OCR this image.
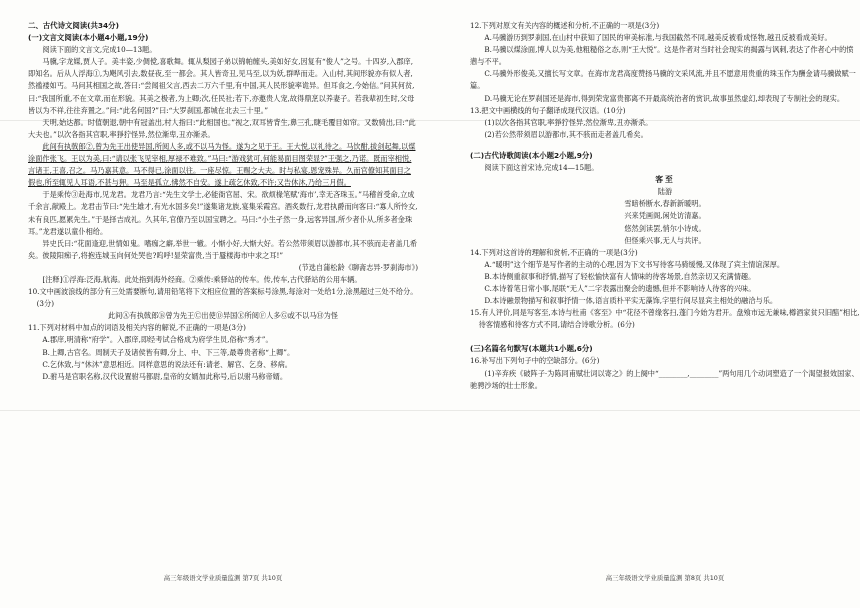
二、古代诗文阅读(共34分)

(一)文言文阅读(本小题4小题,19分)

阅读下面的文言文,完成10—13题。

马骥,字龙媒,贾人子。美丰姿,少倜傥,喜歌舞。辄从梨园子弟以锦帕缠头,美如好女,因复有“俊人”之号。十四岁,入郡庠,即知名。后从人浮海①,为飓风引去,数昼夜,至一都会。其人皆奇丑,见马至,以为妖,群哗而走。入山村,其间形貌亦有似人者,然褴褛如丐。马问其相国之故,答曰:“尝闻祖父言,西去二万六千里,有中国,其人民形貌率诡异。但耳食之,今始信。”问其何贫,曰:“我国所重,不在文章,而在形貌。其美之极者,为上卿;次,任民社;若下,亦邀贵人宠,故得鼎烹以养妻子。若我辈初生时,父母皆以为不祥,往往弃置之。”问:“此名何国?”曰:“大罗刹国,都城在北去三十里。”

天明,始达都。时值朝退,朝中有冠盖出,村人指曰:“此相国也。”视之,双耳皆背生,鼻三孔,睫毛覆目如帘。又数骑出,曰:“此大夫也。”以次各指其官职,率猙狞怪异,然位渐卑,丑亦渐杀。

此间有执戟郎②,曾为先王出使异国,所阅人多,或不以马为怪。遂为之见于王。王大悦,以礼待之。马饮酣,拔剑起舞,以煤涂面作张飞。王以为美,曰:“请以张飞见宰相,厚禄不难致。”马曰:“游戏犹可,何能易面目图荣显?”王强之,乃诺。既而宰相悦,言诸王,王喜,召之。马乃嘉其意。马不得已,涂面以往。一座尽惊。王赐之大夫。时与私宴,恩宠殊异。久而官僚知其面目之假也,所至辄见人耳语,不甚与狎。马至是孤立,怫然不自安。遂上疏乞休致,不许;又告休沐,乃给三月假。

于是乘传③赴海市,见龙君。龙君乃言:“先生文学士,必能衙官屈、宋。欲烦椽笔赋‘海市’,幸无吝珠玉。”马稽首受命,立成千余言,献殿上。龙君击节曰:“先生雄才,有光水国多矣!”遂集诸龙族,宴集采霞宫。酒炙数行,龙君执爵而向客曰:“寡人所怜女,未有良匹,愿累先生。”于是择吉成礼。久其年,官僚乃至以国宝聘之。马曰:“小生孑然一身,远客异国,所少者仆从,所多者金珠耳。”龙君遂以童仆相给。

异史氏曰:“花面逢迎,世情如鬼。嗜痂之癖,举世一辙。小惭小好,大惭大好。若公然带须眉以游都市,其不骇而走者盖几希矣。彼陵阳痴子,将抱连城玉向何处哭也?呜呼!显荣富贵,当于蜃楼海市中求之耳!”

(节选自蒲松龄《聊斋志异·罗刹海市》)

[注释]①浮海:泛海,航海。此处指到海外经商。②乘传:乘驿站的传车。传,传车,古代驿站的公用车辆。

10.文中画波浪线的部分有三处需要断句,请用铅笔将下文相应位置的答案标号涂黑,每涂对一处给1分,涂黑超过三处不给分。(3分)

此间Ⓐ有执戟郎Ⓑ曾为先王Ⓒ出使Ⓓ异国Ⓔ所阅Ⓕ人多Ⓖ或不以马Ⓗ为怪

11.下列对材料中加点的词语及相关内容的解说,不正确的一项是(3分)

A.郡庠,明清称“府学”。入郡庠,即经考试合格成为府学生员,俗称“秀才”。

B.上卿,古官名。周制天子及诸侯皆有卿,分上、中、下三等,最尊贵者称“上卿”。

C.乞休致,与“休沐”意思相近。同样意思的说法还有:请老、解官、乞身、移病。

D.驸马是官职名称,汉代设置驸马都尉,皇帝的女婿加此称号,后以驸马称帝婿。

高三年级语文学业质量监测 第7页 共10页

12.下列对原文有关内容的概述和分析,不正确的一项是(3分)

A.马骥游历到罗刹国,在山村中获知了国民的审美标准,与我国截然不同,越美反被看成怪物,越丑反被看成美好。

B.马骥以煤涂面,博人以为美,他粗糙俗之态,则“王大悦”。这是作者对当时社会现实的揭露与讽刺,表达了作者心中的愤懑与不平。

C.马骥外形俊美,又擅长写文章。在海市龙君高度赞扬马骥的文采风流,并且不愿意用贵重的珠玉作为酬金请马骥做赋一篇。

D.马骥无论在罗刹国还是海市,得到荣宠富贵都离不开最高统治者的赏识,故事虽然虚幻,却表现了专制社会的现实。

13.把文中画横线的句子翻译成现代汉语。(10分)

(1)以次各指其官职,率猙狞怪异,然位渐卑,丑亦渐杀。

(2)若公然带须眉以游都市,其不骇而走者盖几希矣。

(二)古代诗歌阅读(本小题2小题,9分)

阅读下面这首宋诗,完成14—15题。

客至

陆游

雪暗桥断水,春新新暖明。

兴来凭画阁,闲处访清嘉。

悠然剑读罢,悄尔小诗成。

但怪乘兴事,无人与共评。

14.下列对这首诗的理解和赏析,不正确的一项是(3分)

A.“暖明”这个细节是写作者的主动的心理,因为下文书写待客马骑缓慢,又体现了宾主情谊深厚。

B.本诗侧重叙事和抒情,描写了轻松愉快富有人情味的待客场景,自然亲切又充满情趣。

C.本诗着笔日常小事,尾联“无人”二字表露出聚会的遗憾,但并不影响诗人待客的兴味。

D.本诗融景物描写和叙事抒情一体,语言质朴平实无藻饰,字里行间尽显宾主相处的融洽与乐。

15.有人评价,同是写客至,本诗与杜甫《客至》中“花径不曾缘客扫,蓬门今始为君开。盘飧市远无兼味,樽酒家贫只旧醅”相比,待客情感和待客方式不同,请结合诗歌分析。(6分)

(三)名篇名句默写(本题共1小题,6分)

16.补写出下列句子中的空缺部分。(6分)

(1)辛弃疾《破阵子·为陈同甫赋壮词以寄之》的上阕中“________,________”两句用几个动词塑造了一个渴望报效国家、驰骋沙场的壮士形象。

高三年级语文学业质量监测 第8页 共10页
